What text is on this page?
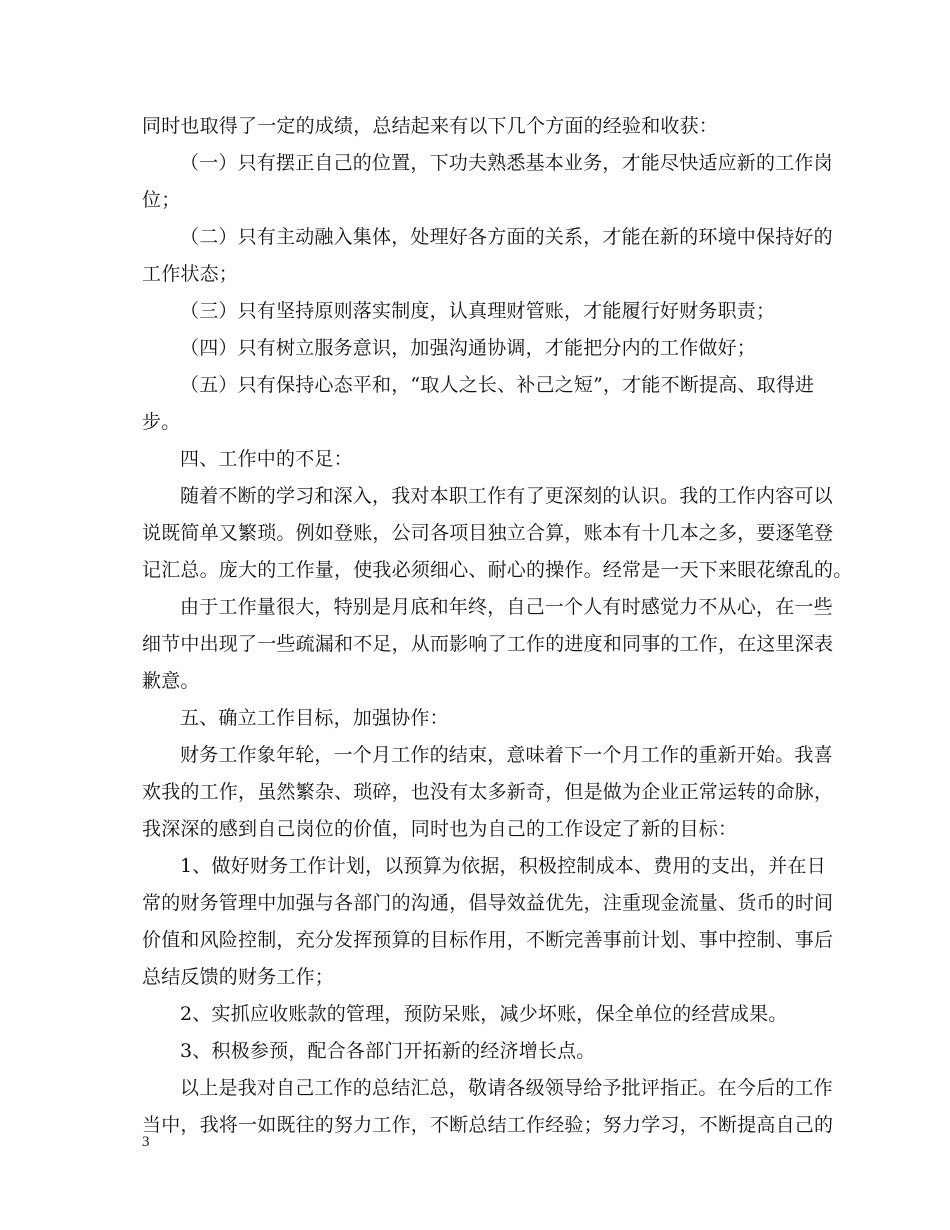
同时也取得了一定的成绩，总结起来有以下几个方面的经验和收获：
（一）只有摆正自己的位置，下功夫熟悉基本业务，才能尽快适应新的工作岗
位；
（二）只有主动融入集体，处理好各方面的关系，才能在新的环境中保持好的
工作状态；
（三）只有坚持原则落实制度，认真理财管账，才能履行好财务职责；
（四）只有树立服务意识，加强沟通协调，才能把分内的工作做好；
（五）只有保持心态平和，“取人之长、补己之短”，才能不断提高、取得进
步。
四、工作中的不足：
随着不断的学习和深入，我对本职工作有了更深刻的认识。我的工作内容可以
说既简单又繁琐。例如登账，公司各项目独立合算，账本有十几本之多，要逐笔登
记汇总。庞大的工作量，使我必须细心、耐心的操作。经常是一天下来眼花缭乱的。
由于工作量很大，特别是月底和年终，自己一个人有时感觉力不从心，在一些
细节中出现了一些疏漏和不足，从而影响了工作的进度和同事的工作，在这里深表
歉意。
五、确立工作目标，加强协作：
财务工作象年轮，一个月工作的结束，意味着下一个月工作的重新开始。我喜
欢我的工作，虽然繁杂、琐碎，也没有太多新奇，但是做为企业正常运转的命脉，
我深深的感到自己岗位的价值，同时也为自己的工作设定了新的目标：
1、做好财务工作计划，以预算为依据，积极控制成本、费用的支出，并在日
常的财务管理中加强与各部门的沟通，倡导效益优先，注重现金流量、货币的时间
价值和风险控制，充分发挥预算的目标作用，不断完善事前计划、事中控制、事后
总结反馈的财务工作；
2、实抓应收账款的管理，预防呆账，减少坏账，保全单位的经营成果。
3、积极参预，配合各部门开拓新的经济增长点。
以上是我对自己工作的总结汇总，敬请各级领导给予批评指正。在今后的工作
当中，我将一如既往的努力工作，不断总结工作经验；努力学习，不断提高自己的
3
